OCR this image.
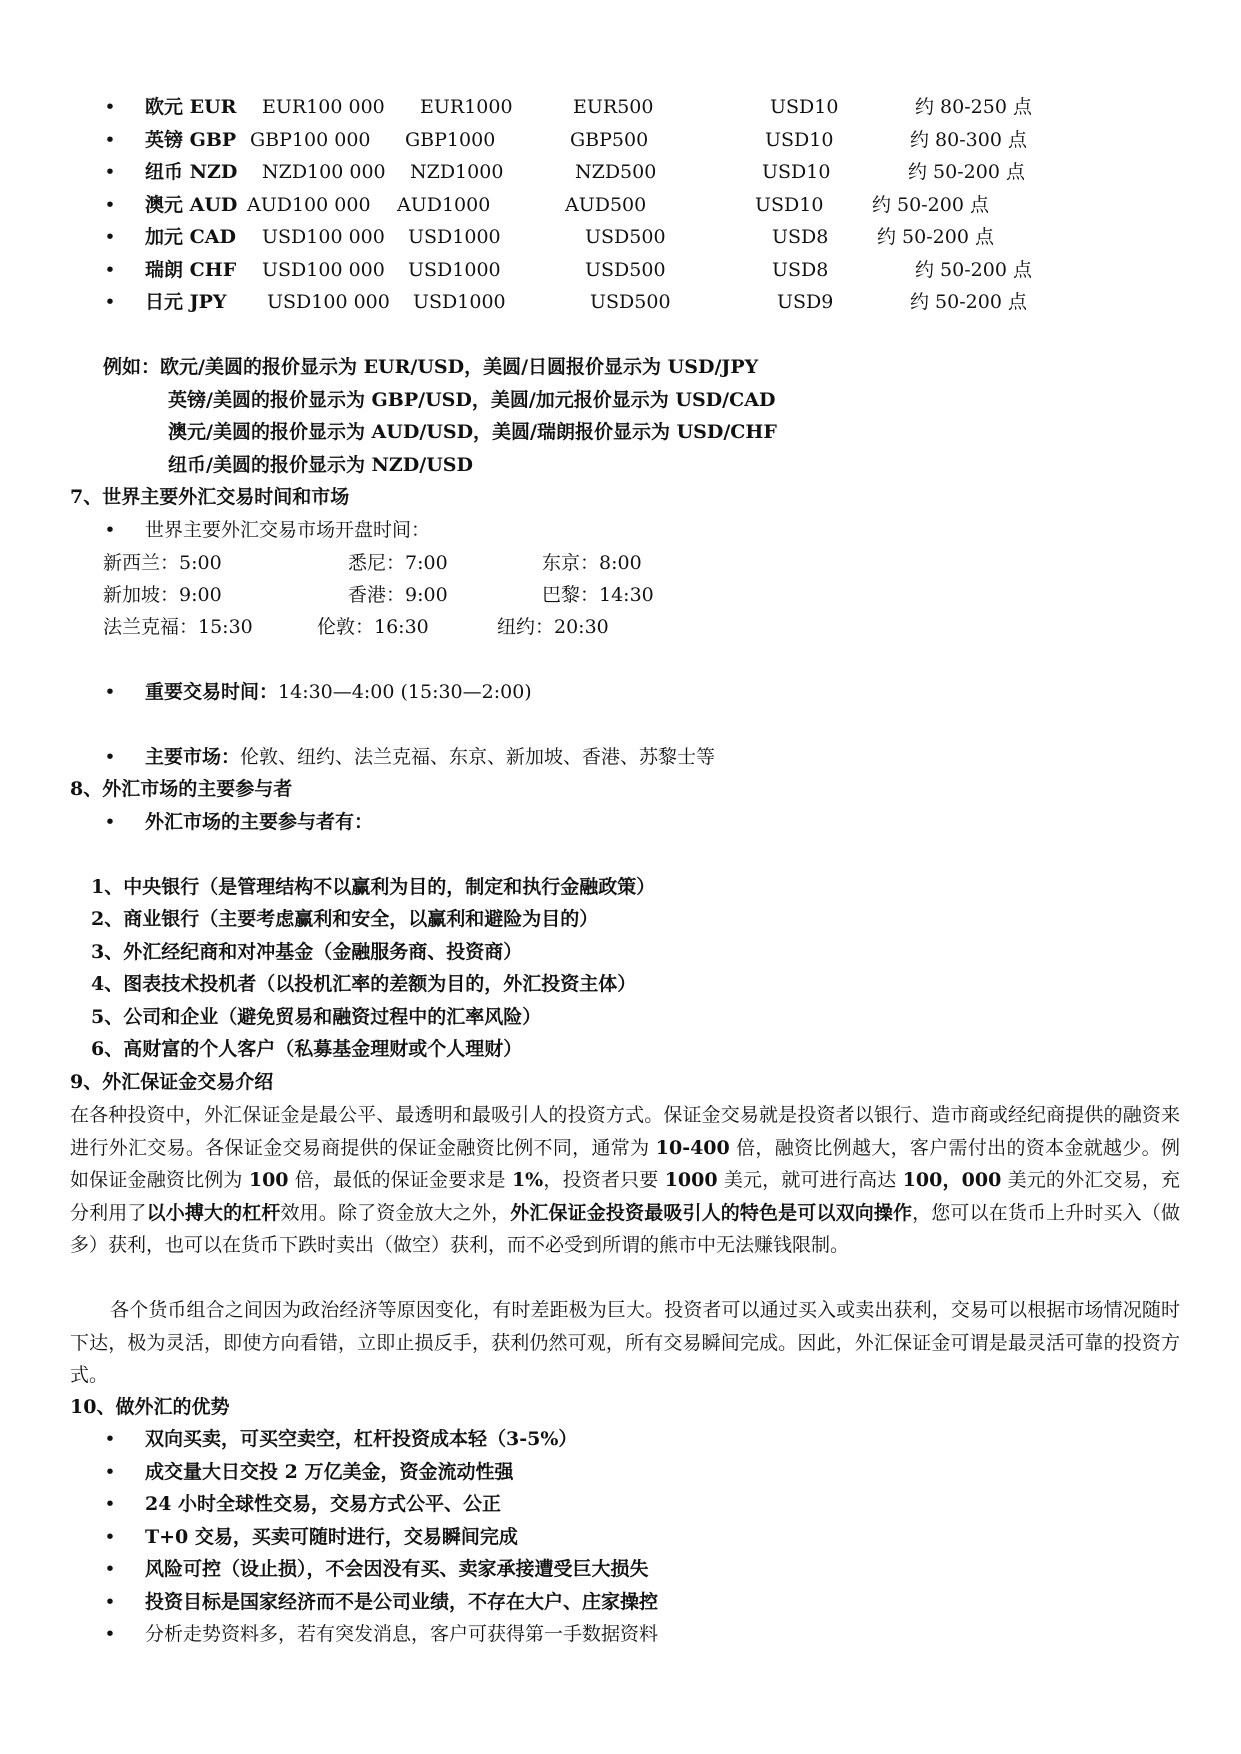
• 欧元 EUR EUR100 000 EUR1000	EUR500	USD10	约 80-250 点
• 英镑 GBP GBP100 000 GBP1000	GBP500	USD10	约 80-300 点
• 纽币 NZD NZD100 000 NZD1000	NZD500	USD10	约 50-200 点
• 澳元 AUD AUD100 000 AUD1000	AUD500	USD10	约 50-200 点
• 加元 CAD USD100 000 USD1000	USD500	USD8	约 50-200 点
• 瑞朗 CHF USD100 000 USD1000	USD500	USD8	约 50-200 点
• 日元 JPY USD100 000 USD1000	USD500	USD9	约 50-200 点
例如：欧元/美圆的报价显示为 EUR/USD，美圆/日圆报价显示为 USD/JPY
英镑/美圆的报价显示为 GBP/USD，美圆/加元报价显示为 USD/CAD
澳元/美圆的报价显示为 AUD/USD，美圆/瑞朗报价显示为 USD/CHF
纽币/美圆的报价显示为 NZD/USD
7、世界主要外汇交易时间和市场
• 世界主要外汇交易市场开盘时间：
新西兰：5:00	悉尼：7:00	东京：8:00
新加坡：9:00	香港：9:00	巴黎：14:30
法兰克福：15:30	伦敦：16:30	纽约：20:30
• 重要交易时间：14:30—4:00 (15:30—2:00)
• 主要市场：伦敦、纽约、法兰克福、东京、新加坡、香港、苏黎士等
8、外汇市场的主要参与者
• 外汇市场的主要参与者有：
1、中央银行（是管理结构不以赢利为目的，制定和执行金融政策）
2、商业银行（主要考虑赢利和安全，以赢利和避险为目的）
3、外汇经纪商和对冲基金（金融服务商、投资商）
4、图表技术投机者（以投机汇率的差额为目的，外汇投资主体）
5、公司和企业（避免贸易和融资过程中的汇率风险）
6、高财富的个人客户（私募基金理财或个人理财）
9、外汇保证金交易介绍
在各种投资中，外汇保证金是最公平、最透明和最吸引人的投资方式。保证金交易就是投资者以银行、造市商或经纪商提供的融资来进行外汇交易。各保证金交易商提供的保证金融资比例不同，通常为 10-400 倍，融资比例越大，客户需付出的资本金就越少。例如保证金融资比例为 100 倍，最低的保证金要求是 1%，投资者只要 1000 美元，就可进行高达 100，000 美元的外汇交易，充分利用了以小搏大的杠杆效用。除了资金放大之外，外汇保证金投资最吸引人的特色是可以双向操作，您可以在货币上升时买入（做多）获利，也可以在货币下跌时卖出（做空）获利，而不必受到所谓的熊市中无法赚钱限制。
各个货币组合之间因为政治经济等原因变化，有时差距极为巨大。投资者可以通过买入或卖出获利，交易可以根据市场情况随时下达，极为灵活，即使方向看错，立即止损反手，获利仍然可观，所有交易瞬间完成。因此，外汇保证金可谓是最灵活可靠的投资方式。
10、做外汇的优势
• 双向买卖，可买空卖空，杠杆投资成本轻（3-5%）
• 成交量大日交投 2 万亿美金，资金流动性强
• 24 小时全球性交易，交易方式公平、公正
• T+0 交易，买卖可随时进行，交易瞬间完成
• 风险可控（设止损），不会因没有买、卖家承接遭受巨大损失
• 投资目标是国家经济而不是公司业绩，不存在大户、庄家操控
• 分析走势资料多，若有突发消息，客户可获得第一手数据资料
